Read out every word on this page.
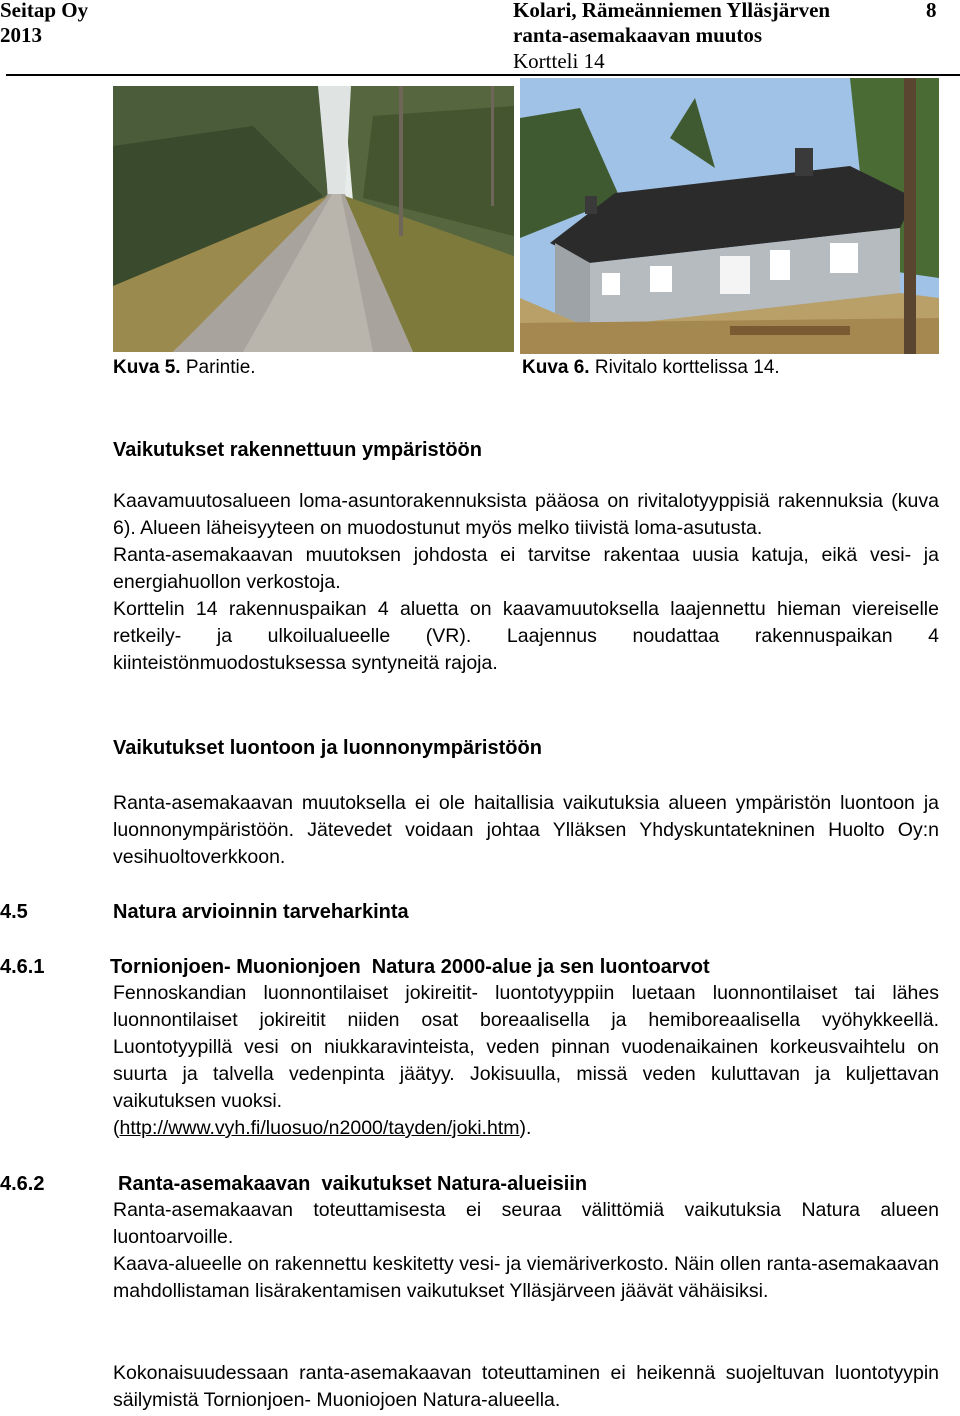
Seitap Oy
2013
Kolari, Rämeänniemen Ylläsjärven
ranta-asemakaavan muutos
Kortteli 14
8
Kuva 5. Parintie.	Kuva 6. Rivitalo korttelissa 14.
Vaikutukset rakennettuun ympäristöön

Kaavamuutosalueen loma-asuntorakennuksista pääosa on rivitalotyyppisiä rakennuksia (kuva 6). Alueen läheisyyteen on muodostunut myös melko tiivistä loma-asutusta.

Ranta-asemakaavan muutoksen johdosta ei tarvitse rakentaa uusia katuja, eikä vesi- ja energiahuollon verkostoja.

Korttelin 14 rakennuspaikan 4 aluetta on kaavamuutoksella laajennettu hieman viereiselle retkeily- ja ulkoilualueelle (VR). Laajennus noudattaa rakennuspaikan 4 kiinteistönmuodostuksessa syntyneitä rajoja.

Vaikutukset luontoon ja luonnonympäristöön

Ranta-asemakaavan muutoksella ei ole haitallisia vaikutuksia alueen ympäristön luontoon ja luonnonympäristöön. Jätevedet voidaan johtaa Ylläksen Yhdyskuntatekninen Huolto Oy:n vesihuoltoverkkoon.

4.5	Natura arvioinnin tarveharkinta
4.6.1	Tornionjoen- Muonionjoen  Natura 2000-alue ja sen luontoarvot

Fennoskandian luonnontilaiset jokireitit- luontotyyppiin luetaan luonnontilaiset tai lähes luonnontilaiset jokireitit niiden osat boreaalisella ja hemiboreaalisella vyöhykkeellä. Luontotyypillä vesi on niukkaravinteista, veden pinnan vuodenaikainen korkeusvaihtelu on suurta ja talvella vedenpinta jäätyy. Jokisuulla, missä veden kuluttavan ja kuljettavan vaikutuksen vuoksi.
(http://www.vyh.fi/luosuo/n2000/tayden/joki.htm).

4.6.2	Ranta-asemakaavan  vaikutukset Natura-alueisiin

Ranta-asemakaavan toteuttamisesta ei seuraa välittömiä vaikutuksia Natura alueen luontoarvoille.

Kaava-alueelle on rakennettu keskitetty vesi- ja viemäriverkosto. Näin ollen ranta-asemakaavan mahdollistaman lisärakentamisen vaikutukset Ylläsjärveen jäävät vähäisiksi.

Kokonaisuudessaan ranta-asemakaavan toteuttaminen ei heikennä suojeltuvan luontotyypin säilymistä Tornionjoen- Muoniojoen Natura-alueella.
